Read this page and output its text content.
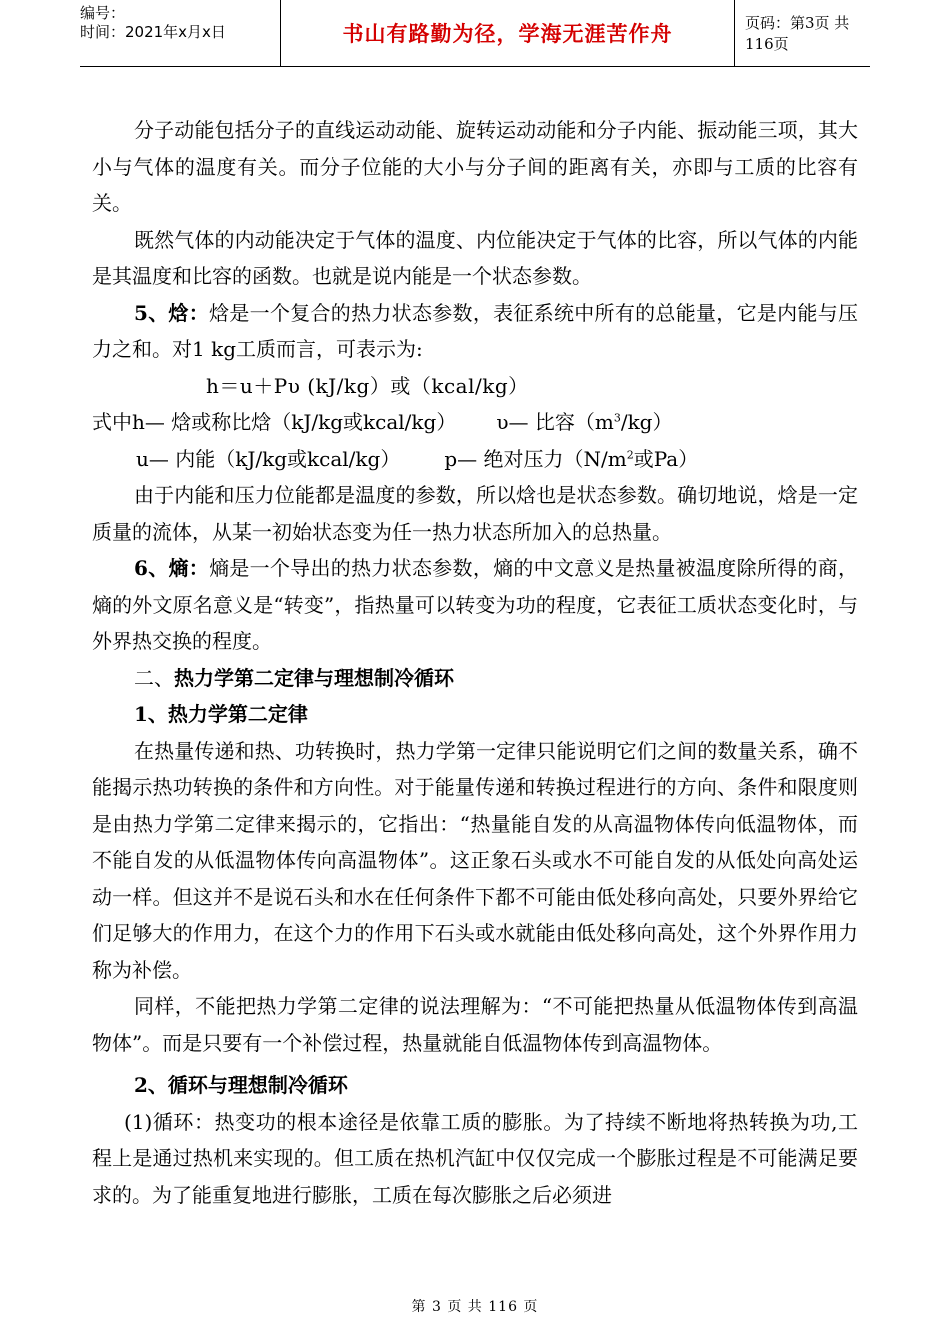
编号：
时间：2021年x月x日	书山有路勤为径，学海无涯苦作舟	页码：第3页 共116页

分子动能包括分子的直线运动动能、旋转运动动能和分子内能、振动能三项，其大小与气体的温度有关。而分子位能的大小与分子间的距离有关，亦即与工质的比容有关。

既然气体的内动能决定于气体的温度、内位能决定于气体的比容，所以气体的内能是其温度和比容的函数。也就是说内能是一个状态参数。

5、焓：焓是一个复合的热力状态参数，表征系统中所有的总能量，它是内能与压力之和。对1 kg工质而言，可表示为:

h＝u＋Pυ (kJ/kg）或（kcal/kg）

式中h— 焓或称比焓（kJ/kg或kcal/kg） υ— 比容$(m^3/kg)$

u— 内能（kJ/kg或kcal/kg） p— 绝对压力（$N/m^2$或Pa）

由于内能和压力位能都是温度的参数，所以焓也是状态参数。确切地说，焓是一定质量的流体，从某一初始状态变为任一热力状态所加入的总热量。

6、熵：熵是一个导出的热力状态参数，熵的中文意义是热量被温度除所得的商，熵的外文原名意义是“转变”，指热量可以转变为功的程度，它表征工质状态变化时，与外界热交换的程度。

二、热力学第二定律与理想制冷循环

1、热力学第二定律

在热量传递和热、功转换时，热力学第一定律只能说明它们之间的数量关系，确不能揭示热功转换的条件和方向性。对于能量传递和转换过程进行的方向、条件和限度则是由热力学第二定律来揭示的，它指出：“热量能自发的从高温物体传向低温物体，而不能自发的从低温物体传向高温物体”。这正象石头或水不可能自发的从低处向高处运动一样。但这并不是说石头和水在任何条件下都不可能由低处移向高处，只要外界给它们足够大的作用力，在这个力的作用下石头或水就能由低处移向高处，这个外界作用力称为补偿。

同样，不能把热力学第二定律的说法理解为：“不可能把热量从低温物体传到高温物体”。而是只要有一个补偿过程，热量就能自低温物体传到高温物体。

2、循环与理想制冷循环

(1)循环：热变功的根本途径是依靠工质的膨胀。为了持续不断地将热转换为功,工程上是通过热机来实现的。但工质在热机汽缸中仅仅完成一个膨胀过程是不可能满足要求的。为了能重复地进行膨胀，工质在每次膨胀之后必须进

第 3 页 共 116 页
